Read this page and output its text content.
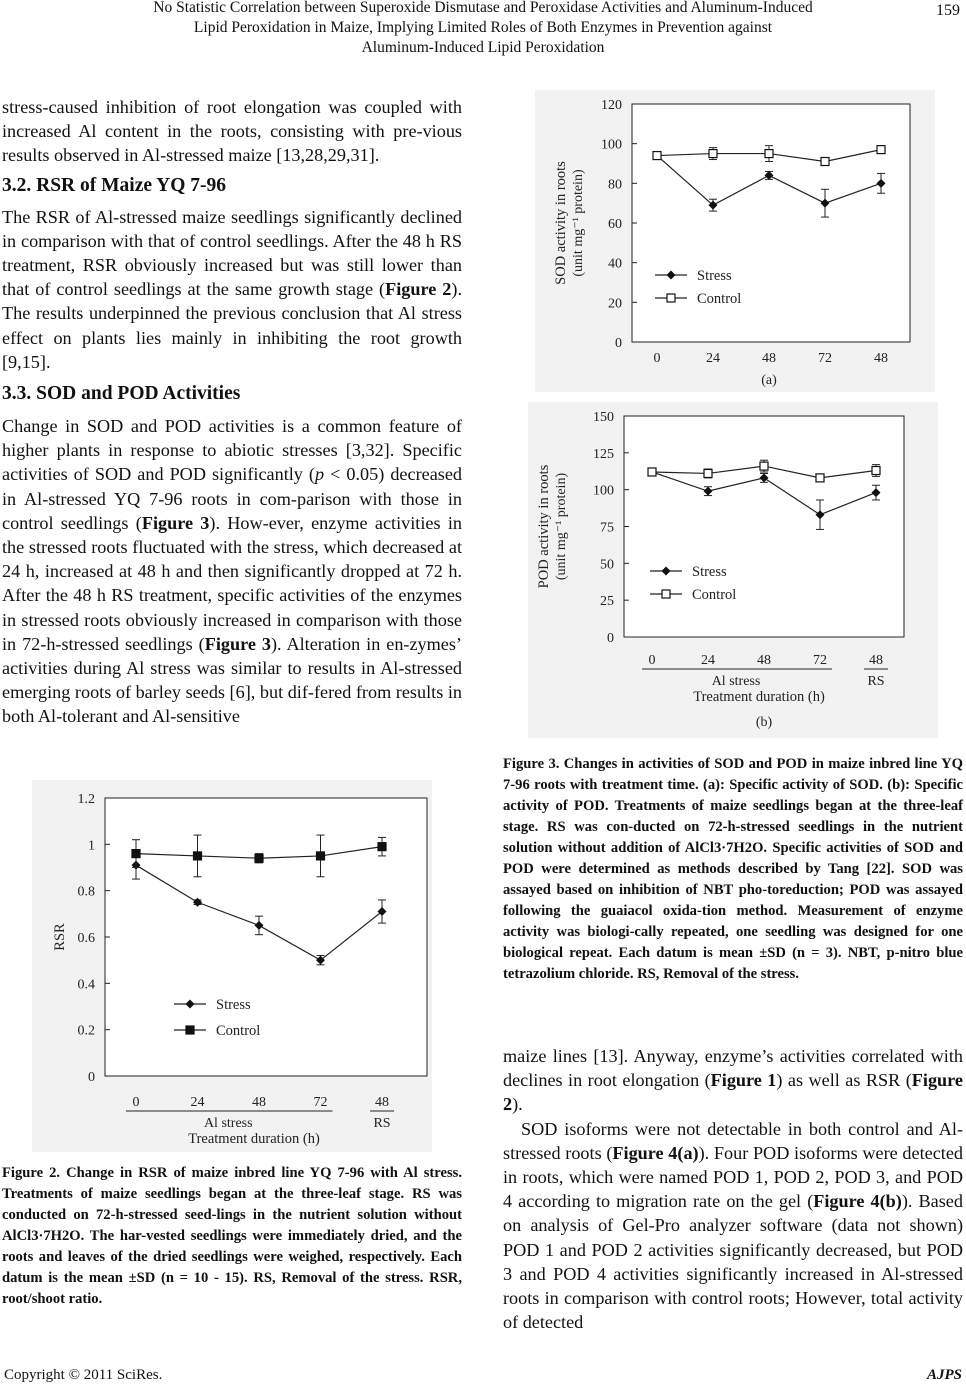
No Statistic Correlation between Superoxide Dismutase and Peroxidase Activities and Aluminum-Induced
Lipid Peroxidation in Maize, Implying Limited Roles of Both Enzymes in Prevention against
Aluminum-Induced Lipid Peroxidation
159

stress-caused inhibition of root elongation was coupled with increased Al content in the roots, consisting with pre-vious results observed in Al-stressed maize [13,28,29,31].

3.2. RSR of Maize YQ 7-96

The RSR of Al-stressed maize seedlings significantly declined in comparison with that of control seedlings. After the 48 h RS treatment, RSR obviously increased but was still lower than that of control seedlings at the same growth stage (Figure 2). The results underpinned the previous conclusion that Al stress effect on plants lies mainly in inhibiting the root growth [9,15].

3.3. SOD and POD Activities

Change in SOD and POD activities is a common feature of higher plants in response to abiotic stresses [3,32]. Specific activities of SOD and POD significantly (p < 0.05) decreased in Al-stressed YQ 7-96 roots in com-parison with those in control seedlings (Figure 3). How-ever, enzyme activities in the stressed roots fluctuated with the stress, which decreased at 24 h, increased at 48 h and then significantly dropped at 72 h. After the 48 h RS treatment, specific activities of the enzymes in stressed roots obviously increased in comparison with those in 72-h-stressed seedlings (Figure 3). Alteration in en-zymes’ activities during Al stress was similar to results in Al-stressed emerging roots of barley seeds [6], but dif-fered from results in both Al-tolerant and Al-sensitive

0
0.2
0.4
0.6
0.8
1
1.2
0	24	48	72	48
Al stress	RS
Treatment duration (h)
RSR
Stress
Control
Figure 2. Change in RSR of maize inbred line YQ 7-96 with Al stress. Treatments of maize seedlings began at the three-leaf stage. RS was conducted on 72-h-stressed seed-lings in the nutrient solution without AlCl3·7H2O. The har-vested seedlings were immediately dried, and the roots and leaves of the dried seedlings were weighed, respectively. Each datum is the mean ±SD (n = 10 - 15). RS, Removal of the stress. RSR, root/shoot ratio.
0
20
40
60
80
100
120
0	24	48	72	48
SOD activity in roots (unit mg⁻¹ protein)	Stress
Control
(a)
0
25
50
75
100
125
150
0	24	48	72	48
Al stress	RS
Treatment duration (h)
POD activity in roots (unit mg⁻¹ protein)	Stress
Control
(b)
Figure 3. Changes in activities of SOD and POD in maize inbred line YQ 7-96 roots with treatment time. (a): Specific activity of SOD. (b): Specific activity of POD. Treatments of maize seedlings began at the three-leaf stage. RS was con-ducted on 72-h-stressed seedlings in the nutrient solution without addition of AlCl3·7H2O. Specific activities of SOD and POD were determined as methods described by Tang [22]. SOD was assayed based on inhibition of NBT pho-toreduction; POD was assayed following the guaiacol oxida-tion method. Measurement of enzyme activity was biologi-cally repeated, one seedling was designed for one biological repeat. Each datum is mean ±SD (n = 3). NBT, p-nitro blue tetrazolium chloride. RS, Removal of the stress.

maize lines [13]. Anyway, enzyme’s activities correlated with declines in root elongation (Figure 1) as well as RSR (Figure 2).

SOD isoforms were not detectable in both control and Al-stressed roots (Figure 4(a)). Four POD isoforms were detected in roots, which were named POD 1, POD 2, POD 3, and POD 4 according to migration rate on the gel (Figure 4(b)). Based on analysis of Gel-Pro analyzer software (data not shown) POD 1 and POD 2 activities significantly decreased, but POD 3 and POD 4 activities significantly increased in Al-stressed roots in comparison with control roots; However, total activity of detected

Copyright © 2011 SciRes.	AJPS
